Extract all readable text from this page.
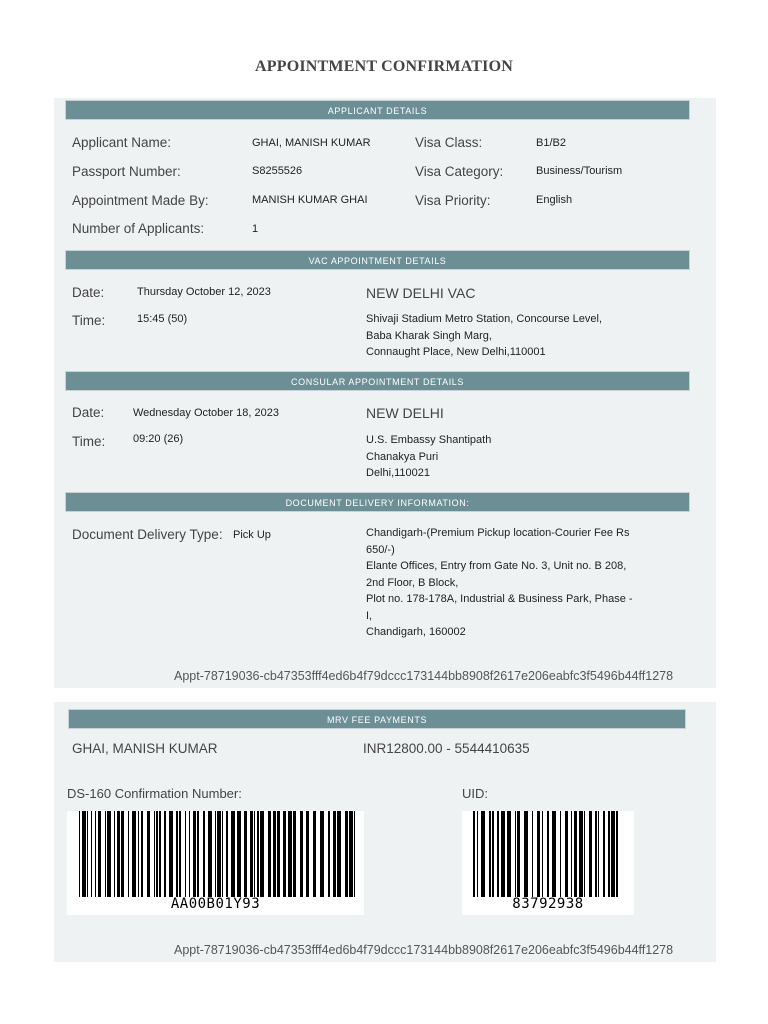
APPOINTMENT CONFIRMATION
APPLICANT DETAILS
Applicant Name:	GHAI, MANISH KUMAR	Visa Class:	B1/B2
Passport Number:	S8255526	Visa Category:	Business/Tourism
Appointment Made By:	MANISH KUMAR GHAI	Visa Priority:	English
Number of Applicants:	1
VAC APPOINTMENT DETAILS
Date:	Thursday October 12, 2023	NEW DELHI VAC
Time:	15:45 (50)	Shivaji Stadium Metro Station, Concourse Level,
Baba Kharak Singh Marg,
Connaught Place, New Delhi,110001
CONSULAR APPOINTMENT DETAILS
Date:	Wednesday October 18, 2023	NEW DELHI
Time:	09:20 (26)	U.S. Embassy Shantipath
Chanakya Puri
Delhi,110021
DOCUMENT DELIVERY INFORMATION:
Document Delivery Type: Pick Up	Chandigarh-(Premium Pickup location-Courier Fee Rs
650/-)
Elante Offices, Entry from Gate No. 3, Unit no. B 208,
2nd Floor, B Block,
Plot no. 178-178A, Industrial & Business Park, Phase -
I,
Chandigarh, 160002
Appt-78719036-cb47353fff4ed6b4f79dccc173144bb8908f2617e206eabfc3f5496b44ff1278
MRV FEE PAYMENTS
GHAI, MANISH KUMAR	INR12800.00 - 5544410635
DS-160 Confirmation Number:	UID:
AA00B01Y93	83792938
Appt-78719036-cb47353fff4ed6b4f79dccc173144bb8908f2617e206eabfc3f5496b44ff1278
